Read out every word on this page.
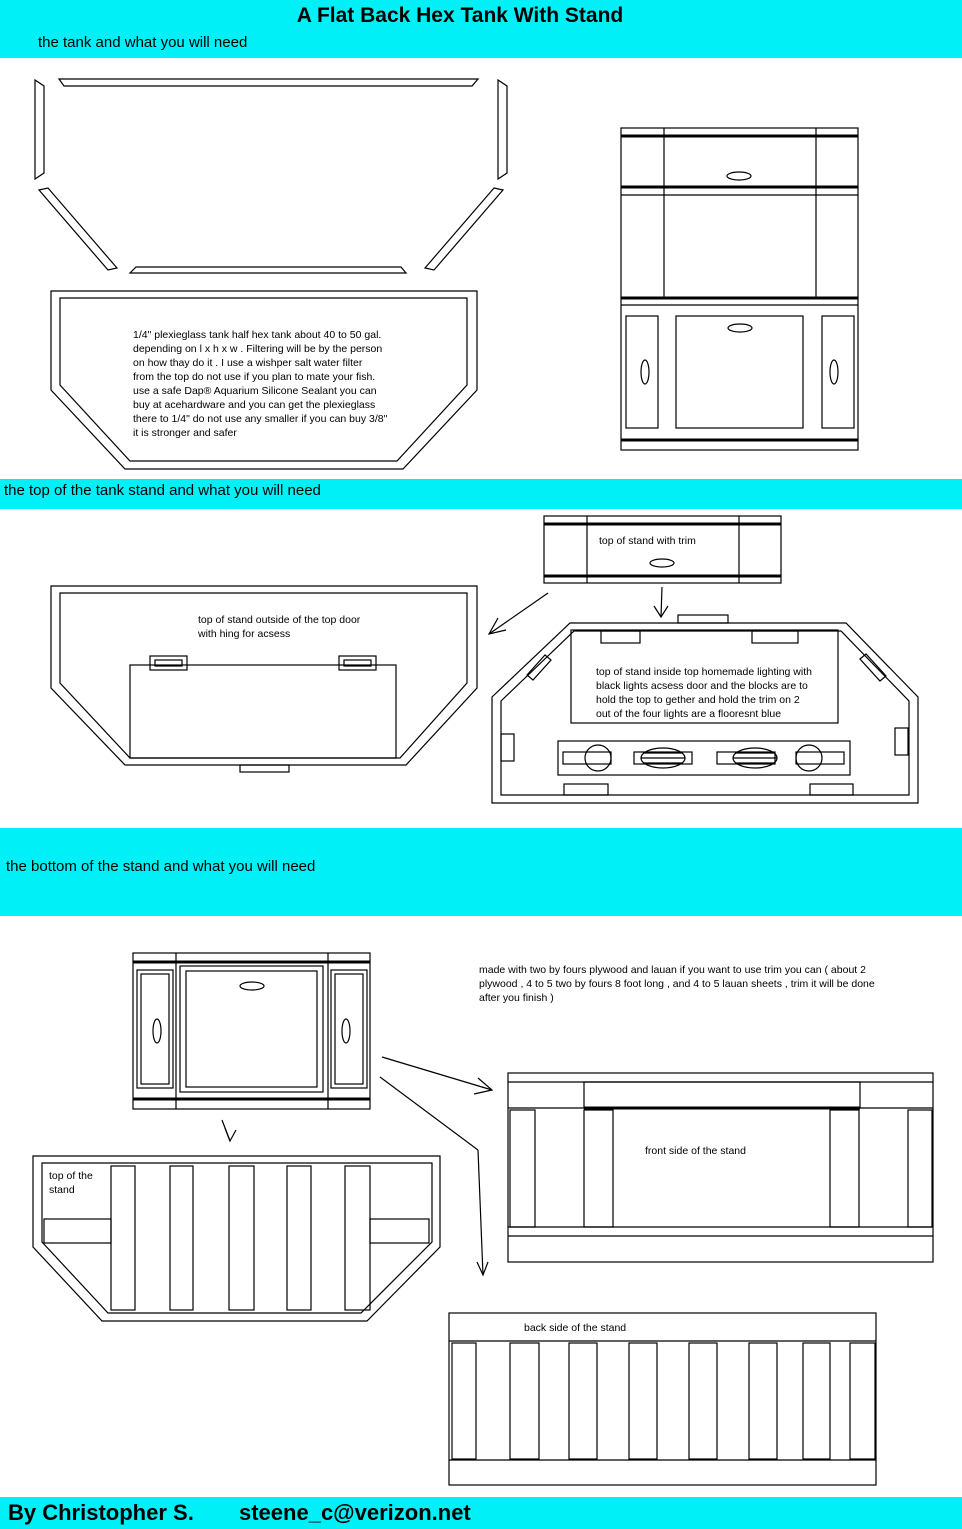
A Flat Back Hex Tank With Stand
the tank and what you will need
1/4" plexieglass tank half hex tank about 40 to 50 gal.
depending on l x h x w . Filtering will be by the person
on how thay do it . I use a wishper salt water filter
from the top do not use if you plan to mate your fish.
use a safe Dap® Aquarium Silicone Sealant you can
buy at acehardware and you can get the plexieglass
there to 1/4" do not use any smaller if you can buy 3/8"
it is stronger and safer
the top of the tank stand and what you will need
top of stand with trim
top of stand outside of the top door
with hing for acsess
top of stand inside top homemade lighting with
black lights acsess door and the blocks are to
hold the top to gether and hold the trim on 2
out of the four lights are a flooresnt blue
the bottom of the stand and what you will need
made with two by fours plywood and lauan if you want to use trim you can ( about 2
plywood , 4 to 5 two by fours 8 foot long , and 4 to 5 lauan sheets , trim it will be done
after you finish )
top of the
stand
front side of the stand
back side of the stand
By Christopher S. steene_c@verizon.net
